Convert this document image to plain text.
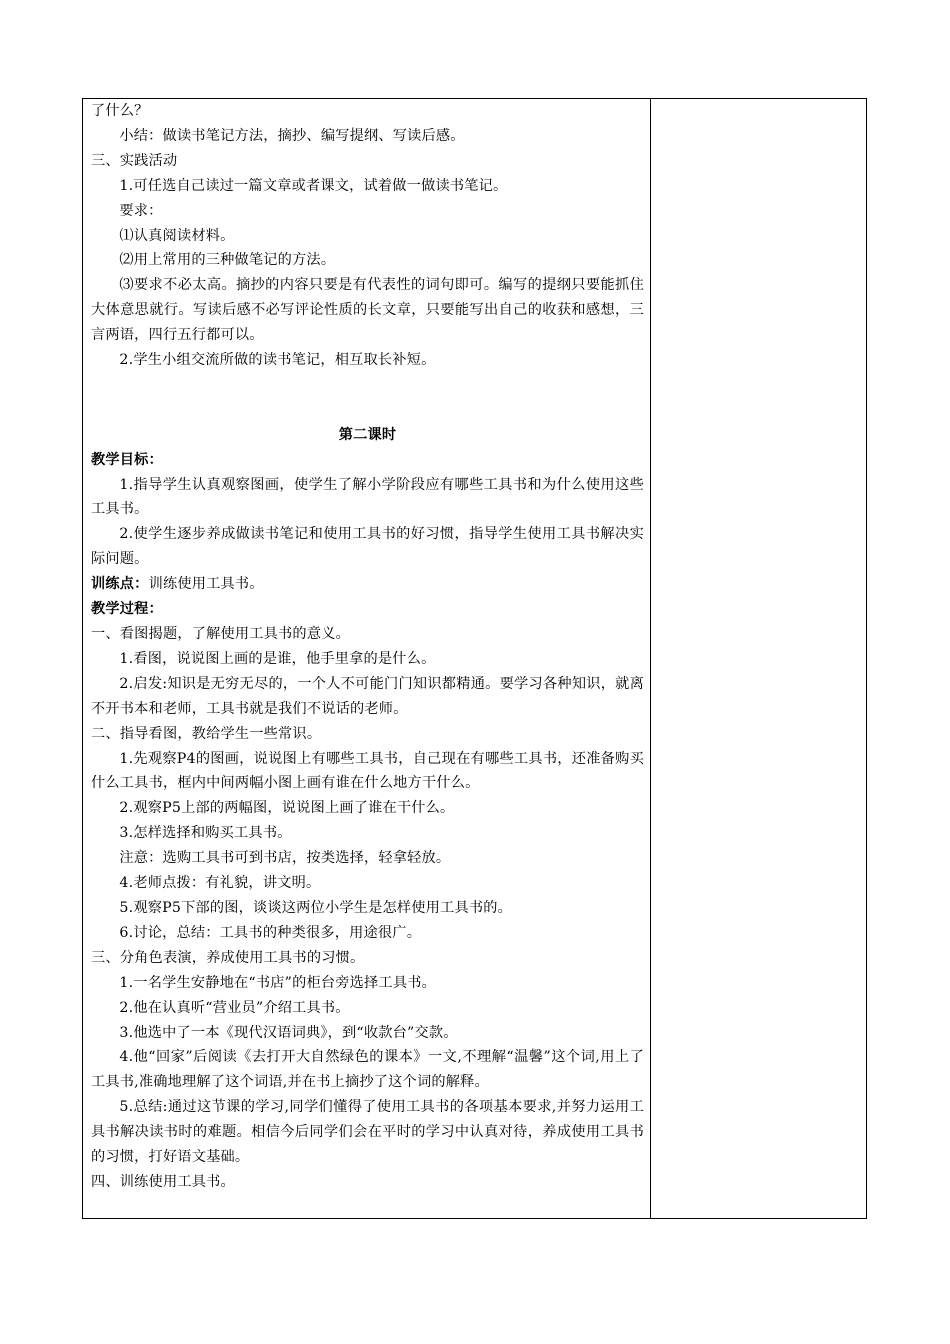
了什么？
小结：做读书笔记方法，摘抄、编写提纲、写读后感。
三、实践活动
1.可任选自己读过一篇文章或者课文，试着做一做读书笔记。
要求：
⑴认真阅读材料。
⑵用上常用的三种做笔记的方法。
⑶要求不必太高。摘抄的内容只要是有代表性的词句即可。编写的提纲只要能抓住大体意思就行。写读后感不必写评论性质的长文章，只要能写出自己的收获和感想，三言两语，四行五行都可以。
2.学生小组交流所做的读书笔记，相互取长补短。
第二课时
教学目标：
1.指导学生认真观察图画，使学生了解小学阶段应有哪些工具书和为什么使用这些工具书。
2.使学生逐步养成做读书笔记和使用工具书的好习惯，指导学生使用工具书解决实际问题。
训练点：训练使用工具书。
教学过程：
一、看图揭题，了解使用工具书的意义。
1.看图，说说图上画的是谁，他手里拿的是什么。
2.启发:知识是无穷无尽的，一个人不可能门门知识都精通。要学习各种知识，就离不开书本和老师，工具书就是我们不说话的老师。
二、指导看图，教给学生一些常识。
1.先观察P4的图画，说说图上有哪些工具书，自己现在有哪些工具书，还准备购买什么工具书，框内中间两幅小图上画有谁在什么地方干什么。
2.观察P5上部的两幅图，说说图上画了谁在干什么。
3.怎样选择和购买工具书。
注意：选购工具书可到书店，按类选择，轻拿轻放。
4.老师点拨：有礼貌，讲文明。
5.观察P5下部的图，谈谈这两位小学生是怎样使用工具书的。
6.讨论，总结：工具书的种类很多，用途很广。
三、分角色表演，养成使用工具书的习惯。
1.一名学生安静地在“书店”的柜台旁选择工具书。
2.他在认真听“营业员”介绍工具书。
3.他选中了一本《现代汉语词典》，到“收款台”交款。
4.他“回家”后阅读《去打开大自然绿色的课本》一文,不理解“温馨”这个词,用上了工具书,准确地理解了这个词语,并在书上摘抄了这个词的解释。
5.总结:通过这节课的学习,同学们懂得了使用工具书的各项基本要求,并努力运用工具书解决读书时的难题。相信今后同学们会在平时的学习中认真对待，养成使用工具书的习惯，打好语文基础。
四、训练使用工具书。
